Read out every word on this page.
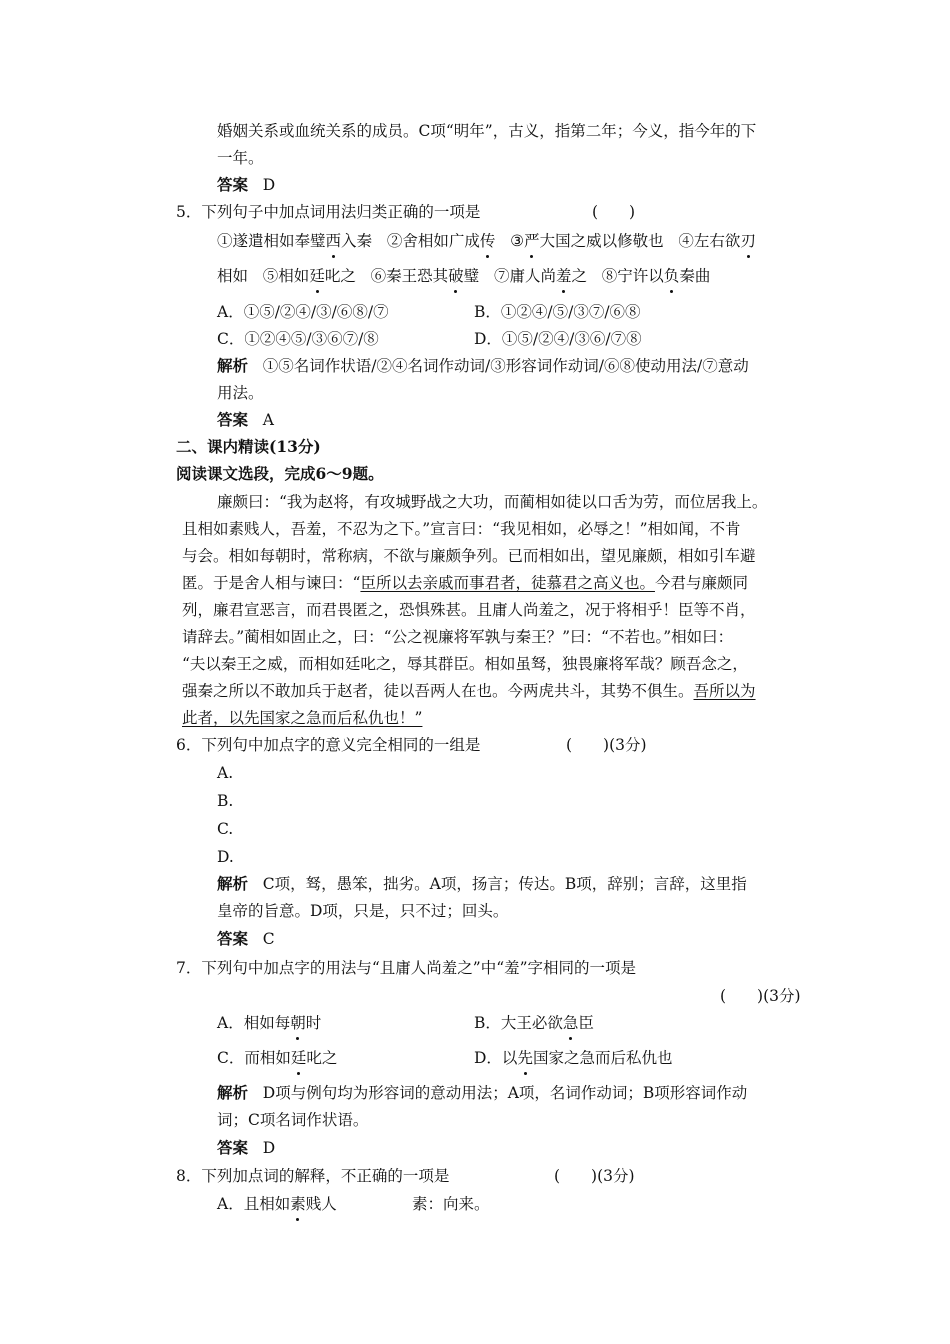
婚姻关系或血统关系的成员。C项“明年”，古义，指第二年；今义，指今年的下
一年。
答案 D
5．下列句子中加点词用法归类正确的一项是	(　　)
①遂遣相如奉璧西入秦 ②舍相如广成传 ③严大国之威以修敬也 ④左右欲刃
相如 ⑤相如廷叱之 ⑥秦王恐其破璧 ⑦庸人尚羞之 ⑧宁许以负秦曲
A．①⑤/②④/③/⑥⑧/⑦	B．①②④/⑤/③⑦/⑥⑧
C．①②④⑤/③⑥⑦/⑧	D．①⑤/②④/③⑥/⑦⑧
解析 ①⑤名词作状语/②④名词作动词/③形容词作动词/⑥⑧使动用法/⑦意动
用法。
答案 A
二、课内精读(13分)
阅读课文选段，完成6～9题。
廉颇曰：“我为赵将，有攻城野战之大功，而蔺相如徒以口舌为劳，而位居我上。
且相如素贱人，吾羞，不忍为之下。”宣言曰：“我见相如，必辱之！”相如闻，不肯
与会。相如每朝时，常称病，不欲与廉颇争列。已而相如出，望见廉颇，相如引车避
匿。于是舍人相与谏曰：“臣所以去亲戚而事君者，徒慕君之高义也。今君与廉颇同
列，廉君宣恶言，而君畏匿之，恐惧殊甚。且庸人尚羞之，况于将相乎！臣等不肖，
请辞去。”蔺相如固止之，曰：“公之视廉将军孰与秦王？”曰：“不若也。”相如曰：
“夫以秦王之威，而相如廷叱之，辱其群臣。相如虽驽，独畏廉将军哉？顾吾念之，
强秦之所以不敢加兵于赵者，徒以吾两人在也。今两虎共斗，其势不俱生。吾所以为
此者，以先国家之急而后私仇也！”
6．下列句中加点字的意义完全相同的一组是	(　　)(3分)
A.
B.
C.
D.
解析 C项，驽，愚笨，拙劣。A项，扬言；传达。B项，辞别；言辞，这里指
皇帝的旨意。D项，只是，只不过；回头。
答案 C
7．下列句中加点字的用法与“且庸人尚羞之”中“羞”字相同的一项是
(　　)(3分)
A．相如每朝时	B．大王必欲急臣
C．而相如廷叱之	D．以先国家之急而后私仇也
解析 D项与例句均为形容词的意动用法；A项，名词作动词；B项形容词作动
词；C项名词作状语。
答案 D
8．下列加点词的解释，不正确的一项是	(　　)(3分)
A．且相如素贱人	素：向来。
